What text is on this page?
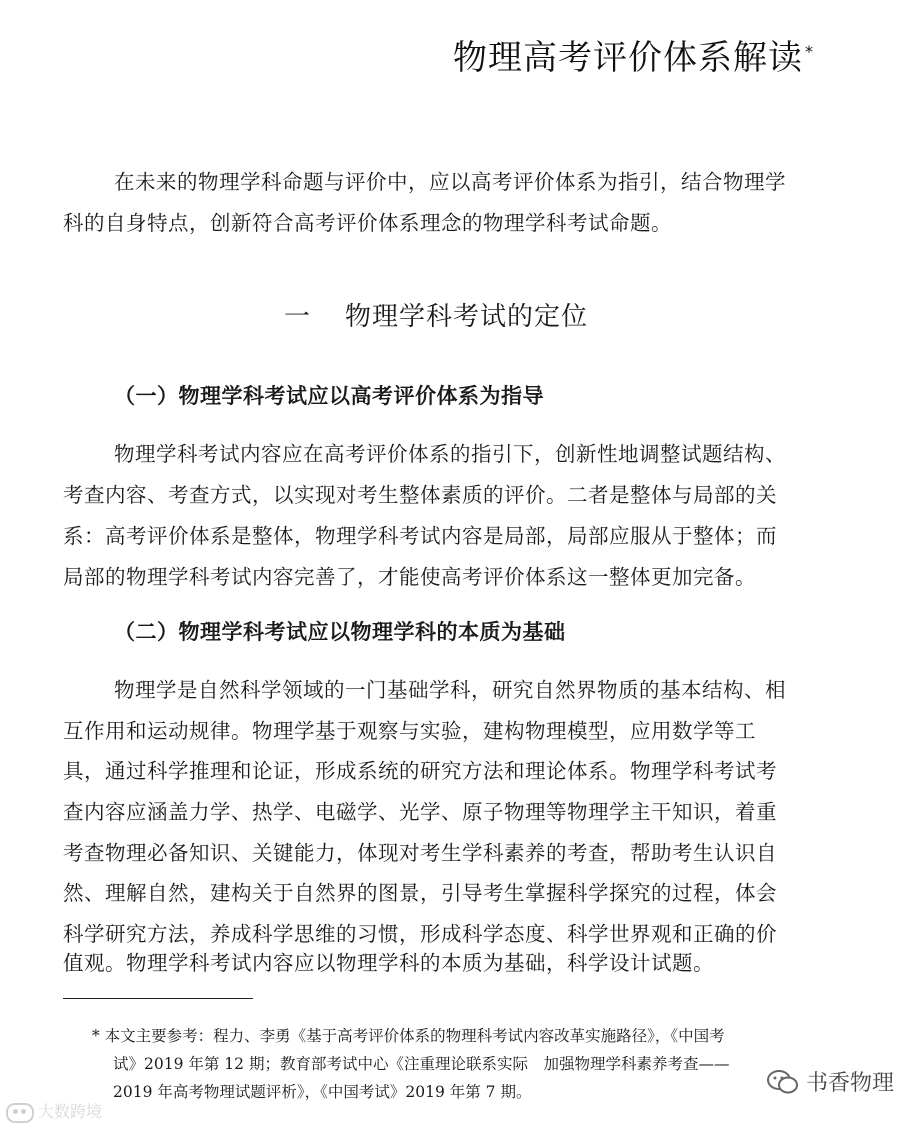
物理高考评价体系解读 *
在未来的物理学科命题与评价中，应以高考评价体系为指引，结合物理学
科的自身特点，创新符合高考评价体系理念的物理学科考试命题。
一 物理学科考试的定位
（一）物理学科考试应以高考评价体系为指导
物理学科考试内容应在高考评价体系的指引下，创新性地调整试题结构、
考查内容、考查方式，以实现对考生整体素质的评价。二者是整体与局部的关
系：高考评价体系是整体，物理学科考试内容是局部，局部应服从于整体；而
局部的物理学科考试内容完善了，才能使高考评价体系这一整体更加完备。
（二）物理学科考试应以物理学科的本质为基础
物理学是自然科学领域的一门基础学科，研究自然界物质的基本结构、相
互作用和运动规律。物理学基于观察与实验，建构物理模型，应用数学等工
具，通过科学推理和论证，形成系统的研究方法和理论体系。物理学科考试考
查内容应涵盖力学、热学、电磁学、光学、原子物理等物理学主干知识，着重
考查物理必备知识、关键能力，体现对考生学科素养的考查，帮助考生认识自
然、理解自然，建构关于自然界的图景，引导考生掌握科学探究的过程，体会
科学研究方法，养成科学思维的习惯，形成科学态度、科学世界观和正确的价
值观。物理学科考试内容应以物理学科的本质为基础，科学设计试题。
* 本文主要参考：程力、李勇《基于高考评价体系的物理科考试内容改革实施路径》，《中国考
试》2019 年第 12 期；教育部考试中心《注重理论联系实际　加强物理学科素养考查——
2019 年高考物理试题评析》，《中国考试》2019 年第 7 期。
大数跨境
书香物理
